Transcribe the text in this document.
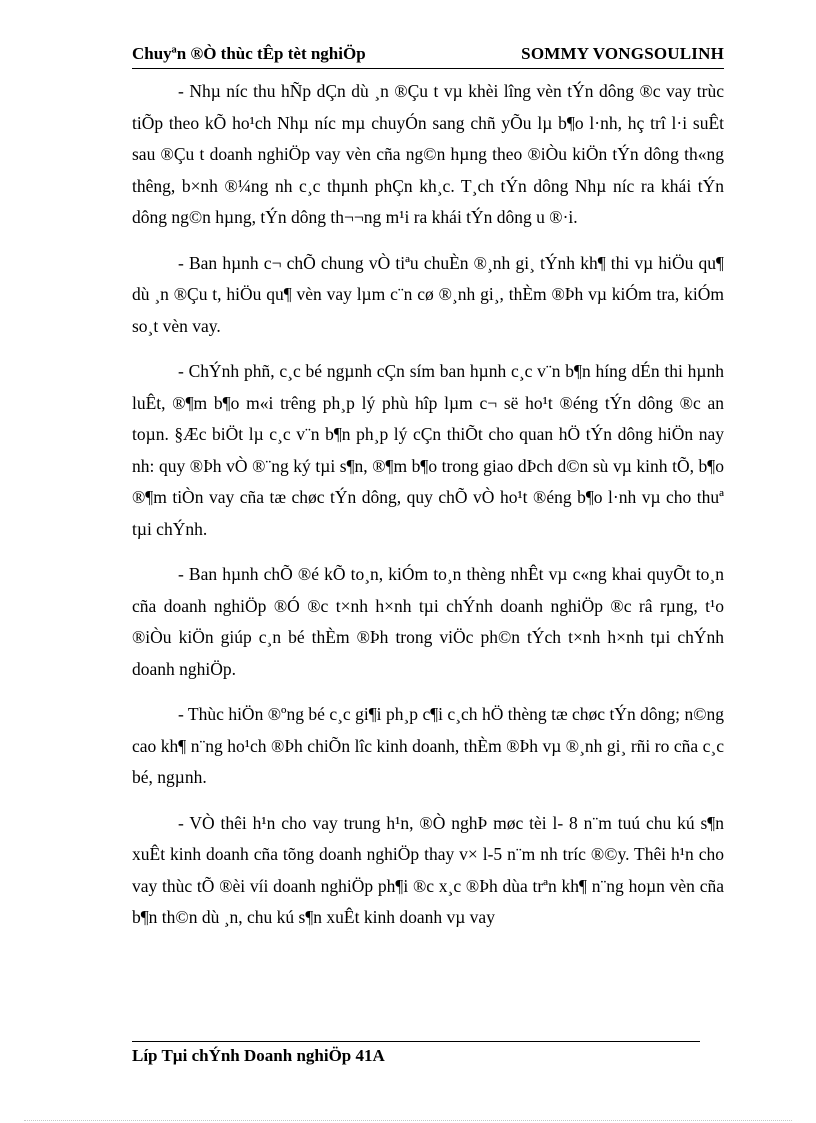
Chuyªn ®Ò thùc tÊp tèt nghiÖp	SOMMY VONGSOULINH

- Nhµ níc thu hÑp dÇn dù ¸n ®Çu t vµ khèi lîng vèn tÝn dông ®c vay trùc tiÕp theo kÕ ho¹ch Nhµ níc mµ chuyÓn sang chñ yÕu lµ b¶o l·nh, hç trî l·i suÊt sau ®Çu t doanh nghiÖp vay vèn cña ng©n hµng theo ®iÒu kiÖn tÝn dông th«ng thêng, b×nh ®¼ng nh c¸c thµnh phÇn kh¸c. T¸ch tÝn dông Nhµ níc ra khái tÝn dông ng©n hµng, tÝn dông th¬¬ng m¹i ra khái tÝn dông u ®·i.

- Ban hµnh c¬ chÕ chung vÒ tiªu chuÈn ®¸nh gi¸ tÝnh kh¶ thi vµ hiÖu qu¶ dù ¸n ®Çu t, hiÖu qu¶ vèn vay lµm c¨n cø ®¸nh gi¸, thÈm ®Þh vµ kiÓm tra, kiÓm so¸t vèn vay.

- ChÝnh phñ, c¸c bé ngµnh cÇn sím ban hµnh c¸c v¨n b¶n híng dÉn thi hµnh luÊt, ®¶m b¶o m«i trêng ph¸p lý phù hîp lµm c¬ së ho¹t ®éng tÝn dông ®c an toµn. §Æc biÖt lµ c¸c v¨n b¶n ph¸p lý cÇn thiÕt cho quan hÖ tÝn dông hiÖn nay nh: quy ®Þh vÒ ®¨ng ký tµi s¶n, ®¶m b¶o trong giao dÞch d©n sù vµ kinh tÕ, b¶o ®¶m tiÒn vay cña tæ chøc tÝn dông, quy chÕ vÒ ho¹t ®éng b¶o l·nh vµ cho thuª tµi chÝnh.

- Ban hµnh chÕ ®é kÕ to¸n, kiÓm to¸n thèng nhÊt vµ c«ng khai quyÕt to¸n cña doanh nghiÖp ®Ó ®c t×nh h×nh tµi chÝnh doanh nghiÖp ®c râ rµng, t¹o ®iÒu kiÖn giúp c¸n bé thÈm ®Þh trong viÖc ph©n tÝch t×nh h×nh tµi chÝnh doanh nghiÖp.

- Thùc hiÖn ®ºng bé c¸c gi¶i ph¸p c¶i c¸ch hÖ thèng tæ chøc tÝn dông; n©ng cao kh¶ n¨ng ho¹ch ®Þh chiÕn lîc kinh doanh, thÈm ®Þh vµ ®¸nh gi¸ rñi ro cña c¸c bé, ngµnh.

- VÒ thêi h¹n cho vay trung h¹n, ®Ò nghÞ møc tèi l- 8 n¨m tuú chu kú s¶n xuÊt kinh doanh cña tõng doanh nghiÖp thay v× l-5 n¨m nh tríc ®©y. Thêi h¹n cho vay thùc tÕ ®èi víi doanh nghiÖp ph¶i ®c x¸c ®Þh dùa trªn kh¶ n¨ng hoµn vèn cña b¶n th©n dù ¸n, chu kú s¶n xuÊt kinh doanh vµ vay

Líp Tµi chÝnh Doanh nghiÖp 41A
